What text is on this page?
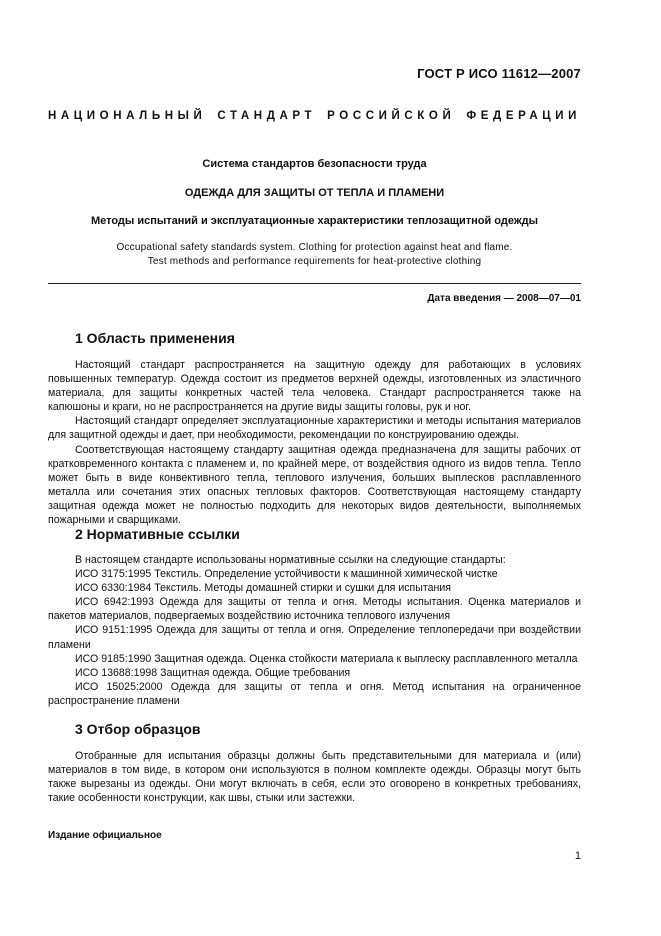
ГОСТ Р ИСО 11612—2007
НАЦИОНАЛЬНЫЙ СТАНДАРТ РОССИЙСКОЙ ФЕДЕРАЦИИ
Система стандартов безопасности труда
ОДЕЖДА ДЛЯ ЗАЩИТЫ ОТ ТЕПЛА И ПЛАМЕНИ
Методы испытаний и эксплуатационные характеристики теплозащитной одежды
Occupational safety standards system. Clothing for protection against heat and flame.
Test methods and performance requirements for heat-protective clothing
Дата введения — 2008—07—01
1 Область применения

Настоящий стандарт распространяется на защитную одежду для работающих в условиях повышенных температур. Одежда состоит из предметов верхней одежды, изготовленных из эластичного материала, для защиты конкретных частей тела человека. Стандарт распространяется также на капюшоны и краги, но не распространяется на другие виды защиты головы, рук и ног.

Настоящий стандарт определяет эксплуатационные характеристики и методы испытания материалов для защитной одежды и дает, при необходимости, рекомендации по конструированию одежды.

Соответствующая настоящему стандарту защитная одежда предназначена для защиты рабочих от кратковременного контакта с пламенем и, по крайней мере, от воздействия одного из видов тепла. Тепло может быть в виде конвективного тепла, теплового излучения, больших выплесков расплавленного металла или сочетания этих опасных тепловых факторов. Соответствующая настоящему стандарту защитная одежда может не полностью подходить для некоторых видов деятельности, выполняемых пожарными и сварщиками.

2 Нормативные ссылки

В настоящем стандарте использованы нормативные ссылки на следующие стандарты:

ИСО 3175:1995 Текстиль. Определение устойчивости к машинной химической чистке

ИСО 6330:1984 Текстиль. Методы домашней стирки и сушки для испытания

ИСО 6942:1993 Одежда для защиты от тепла и огня. Методы испытания. Оценка материалов и пакетов материалов, подвергаемых воздействию источника теплового излучения

ИСО 9151:1995 Одежда для защиты от тепла и огня. Определение теплопередачи при воздействии пламени

ИСО 9185:1990 Защитная одежда. Оценка стойкости материала к выплеску расплавленного металла

ИСО 13688:1998 Защитная одежда. Общие требования

ИСО 15025:2000 Одежда для защиты от тепла и огня. Метод испытания на ограниченное распространение пламени

3 Отбор образцов

Отобранные для испытания образцы должны быть представительными для материала и (или) материалов в том виде, в котором они используются в полном комплекте одежды. Образцы могут быть также вырезаны из одежды. Они могут включать в себя, если это оговорено в конкретных требованиях, такие особенности конструкции, как швы, стыки или застежки.

Издание официальное
1
